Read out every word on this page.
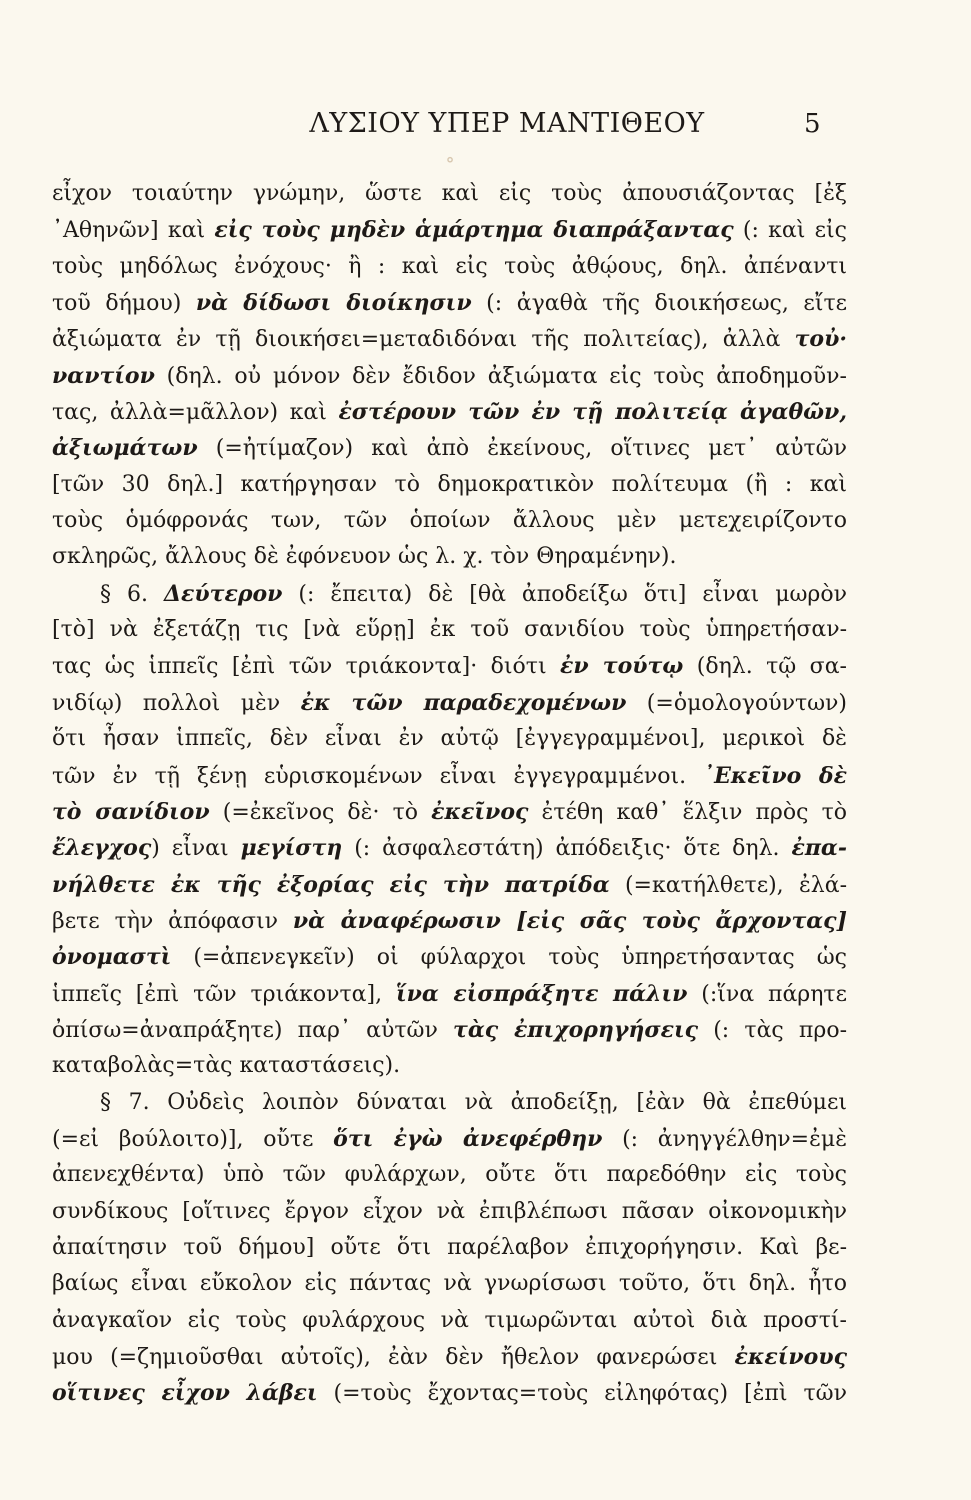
ΛΥΣΙΟΥ ΥΠΕΡ ΜΑΝΤΙΘΕΟΥ	5
∘
εἶχον τοιαύτην γνώμην, ὥστε καὶ εἰς τοὺς ἀπουσιάζοντας [ἐξ
᾿Αθηνῶν] καὶ εἰς τοὺς μηδὲν ἁμάρτημα διαπράξαντας (: καὶ εἰς
τοὺς μηδόλως ἐνόχους· ἢ : καὶ εἰς τοὺς ἀθῴους, δηλ. ἀπέναντι
τοῦ δήμου) νὰ δίδωσι διοίκησιν (: ἀγαθὰ τῆς διοικήσεως, εἴτε
ἀξιώματα ἐν τῇ διοικήσει=μεταδιδόναι τῆς πολιτείας), ἀλλὰ τοὐ·
ναντίον (δηλ. οὐ μόνον δὲν ἔδιδον ἀξιώματα εἰς τοὺς ἀποδημοῦν-
τας, ἀλλὰ=μᾶλλον) καὶ ἐστέρουν τῶν ἐν τῇ πολιτείᾳ ἀγαθῶν,
ἀξιωμάτων (=ἠτίμαζον) καὶ ἀπὸ ἐκείνους, οἵτινες μετ᾽ αὐτῶν
[τῶν 30 δηλ.] κατήργησαν τὸ δημοκρατικὸν πολίτευμα (ἢ : καὶ
τοὺς ὁμόφρονάς των, τῶν ὁποίων ἄλλους μὲν μετεχειρίζοντο
σκληρῶς, ἄλλους δὲ ἐφόνευον ὡς λ. χ. τὸν Θηραμένην).
§ 6. Δεύτερον (: ἔπειτα) δὲ [θὰ ἀποδείξω ὅτι] εἶναι μωρὸν
[τὸ] νὰ ἐξετάζῃ τις [νὰ εὕρῃ] ἐκ τοῦ σανιδίου τοὺς ὑπηρετήσαν-
τας ὡς ἱππεῖς [ἐπὶ τῶν τριάκοντα]· διότι ἐν τούτῳ (δηλ. τῷ σα-
νιδίῳ) πολλοὶ μὲν ἐκ τῶν παραδεχομένων (=ὁμολογούντων)
ὅτι ἦσαν ἱππεῖς, δὲν εἶναι ἐν αὐτῷ [ἐγγεγραμμένοι], μερικοὶ δὲ
τῶν ἐν τῇ ξένῃ εὑρισκομένων εἶναι ἐγγεγραμμένοι. ᾿Εκεῖνο δὲ
τὸ σανίδιον (=ἐκεῖνος δὲ· τὸ ἐκεῖνος ἐτέθη καθ᾽ ἕλξιν πρὸς τὸ
ἔλεγχος) εἶναι μεγίστη (: ἀσφαλεστάτη) ἀπόδειξις· ὅτε δηλ. ἐπα-
νήλθετε ἐκ τῆς ἐξορίας εἰς τὴν πατρίδα (=κατήλθετε), ἐλά-
βετε τὴν ἀπόφασιν νὰ ἀναφέρωσιν [εἰς σᾶς τοὺς ἄρχοντας]
ὀνομαστὶ (=ἀπενεγκεῖν) οἱ φύλαρχοι τοὺς ὑπηρετήσαντας ὡς
ἱππεῖς [ἐπὶ τῶν τριάκοντα], ἵνα εἰσπράξητε πάλιν (:ἵνα πάρητε
ὀπίσω=ἀναπράξητε) παρ᾽ αὐτῶν τὰς ἐπιχορηγήσεις (: τὰς προ-
καταβολὰς=τὰς καταστάσεις).
§ 7. Οὐδεὶς λοιπὸν δύναται νὰ ἀποδείξῃ, [ἐὰν θὰ ἐπεθύμει
(=εἰ βούλοιτο)], οὔτε ὅτι ἐγὼ ἀνεφέρθην (: ἀνηγγέλθην=ἐμὲ
ἀπενεχθέντα) ὑπὸ τῶν φυλάρχων, οὔτε ὅτι παρεδόθην εἰς τοὺς
συνδίκους [οἵτινες ἔργον εἶχον νὰ ἐπιβλέπωσι πᾶσαν οἰκονομικὴν
ἀπαίτησιν τοῦ δήμου] οὔτε ὅτι παρέλαβον ἐπιχορήγησιν. Καὶ βε-
βαίως εἶναι εὔκολον εἰς πάντας νὰ γνωρίσωσι τοῦτο, ὅτι δηλ. ἦτο
ἀναγκαῖον εἰς τοὺς φυλάρχους νὰ τιμωρῶνται αὐτοὶ διὰ προστί-
μου (=ζημιοῦσθαι αὐτοῖς), ἐὰν δὲν ἤθελον φανερώσει ἐκείνους
οἵτινες εἶχον λάβει (=τοὺς ἔχοντας=τοὺς εἰληφότας) [ἐπὶ τῶν
